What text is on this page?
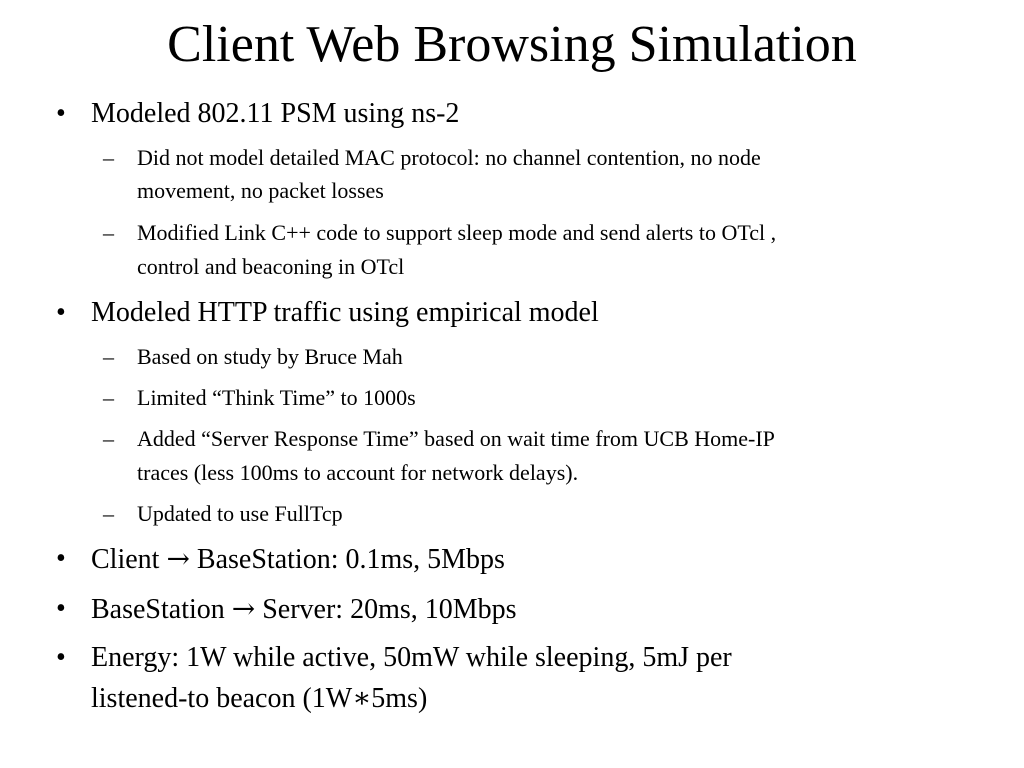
Client Web Browsing Simulation
• Modeled 802.11 PSM using ns-2
– Did not model detailed MAC protocol: no channel contention, no node
movement, no packet losses
– Modified Link C++ code to support sleep mode and send alerts to OTcl ,
control and beaconing in OTcl
• Modeled HTTP traffic using empirical model
– Based on study by Bruce Mah
– Limited “Think Time” to 1000s
– Added “Server Response Time” based on wait time from UCB Home-IP
traces (less 100ms to account for network delays).
– Updated to use FullTcp
• Client → BaseStation: 0.1ms, 5Mbps
• BaseStation → Server: 20ms, 10Mbps
• Energy: 1W while active, 50mW while sleeping, 5mJ per
listened-to beacon (1W∗5ms)
